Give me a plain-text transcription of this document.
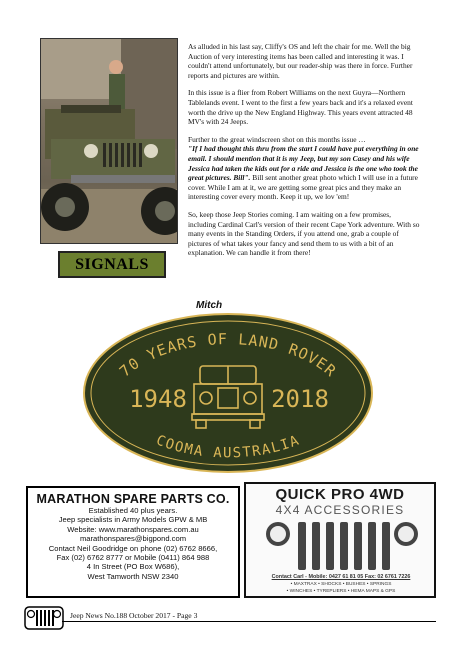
SIGNALS

As alluded in his last say, Cliffy's OS and left the chair for me. Well the big Auction of very interesting items has been called and interesting it was. I couldn't attend unfortunately, but our reader-ship was there in force. Further reports and pictures are within.

In this issue is a flier from Robert Williams on the next Guyra—Northern Tablelands event. I went to the first a few years back and it's a relaxed event worth the drive up the New England Highway. This years event attracted 48 MV's with 24 Jeeps.

Further to the great windscreen shot on this months issue …
"If I had thought this thru from the start I could have put everything in one email. I should mention that it is my Jeep, but my son Casey and his wife Jessica had taken the kids out for a ride and Jessica is the one who took the great pictures. Bill". Bill sent another great photo which I will use in a future cover. While I am at it, we are getting some great pics and they make an interesting cover every month. Keep it up, we lov 'em!

So, keep those Jeep Stories coming. I am waiting on a few promises, including Cardinal Carl's version of their recent Cape York adventure. With so many events in the Standing Orders, if you attend one, grab a couple of pictures of what takes your fancy and send them to us with a bit of an explanation. We can handle it from there!

Mitch
70 YEARS OF LAND ROVER
COOMA AUSTRALIA
1948	2018
MARATHON SPARE PARTS CO.
Established 40 plus years.
Jeep specialists in Army Models GPW & MB
Website: www.marathonspares.com.au
marathonspares@bigpond.com
Contact Neil Goodridge on phone (02) 6762 8666,
Fax (02) 6762 8777 or Mobile (0411) 864 988
4 In Street (PO Box W686),
West Tamworth NSW 2340
QUICK PRO 4WD
4X4 ACCESSORIES
Contact Carl - Mobile: 0427 61 81 05 Fax: 02 6761 7226
• MAXTRAX • SHOCKS • BUSHES • SPRINGS
• WINCHES • TYREPLIERS • HEMA MAPS & GPS
Jeep News No.188 October 2017 - Page 3
